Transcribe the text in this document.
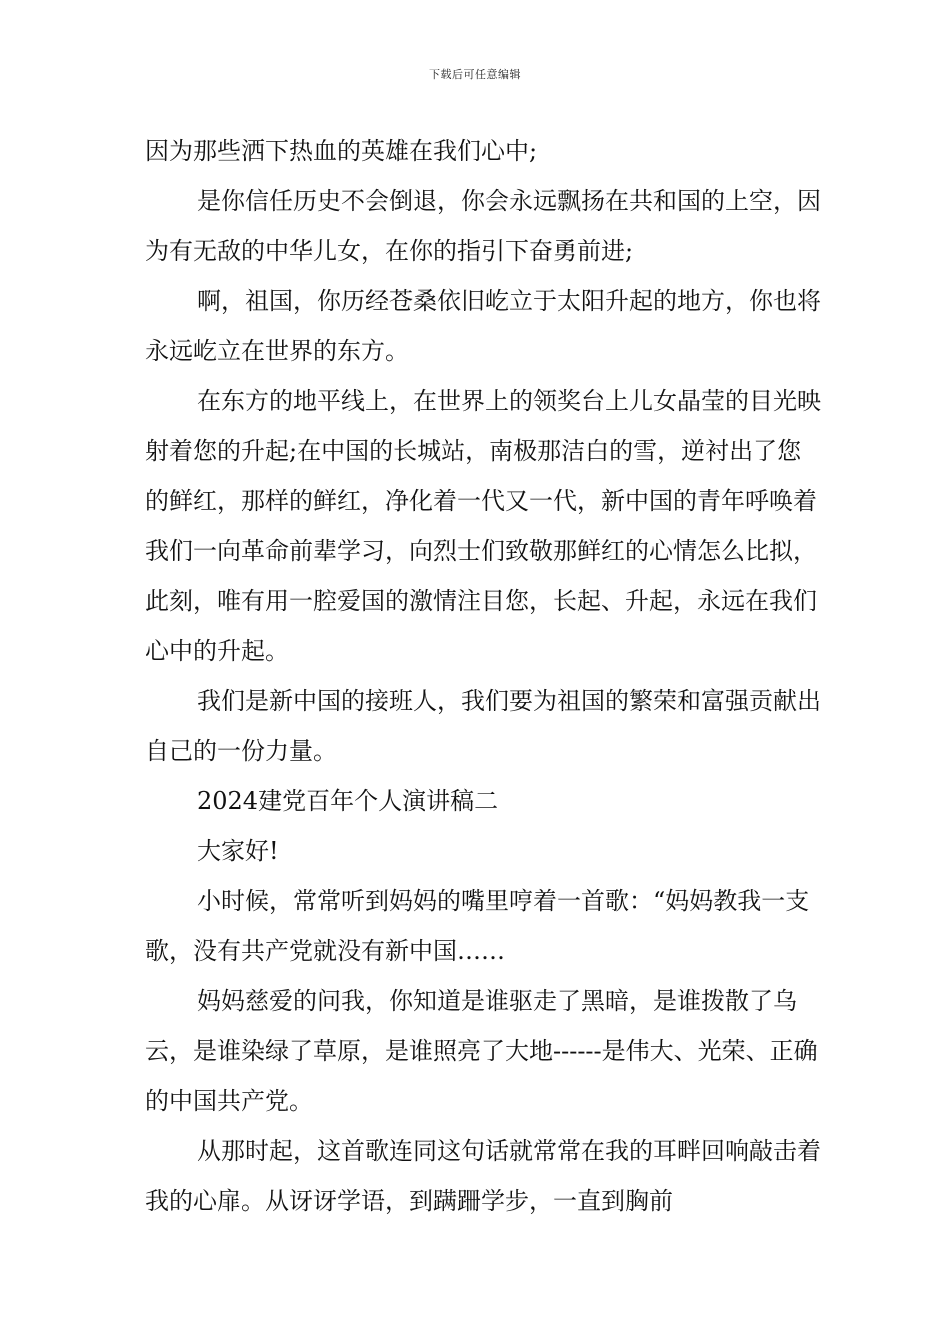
下载后可任意编辑

因为那些洒下热血的英雄在我们心中;

是你信任历史不会倒退，你会永远飘扬在共和国的上空，因为有无敌的中华儿女，在你的指引下奋勇前进;

啊，祖国，你历经苍桑依旧屹立于太阳升起的地方，你也将永远屹立在世界的东方。

在东方的地平线上，在世界上的领奖台上儿女晶莹的目光映射着您的升起;在中国的长城站，南极那洁白的雪，逆衬出了您的鲜红，那样的鲜红，净化着一代又一代，新中国的青年呼唤着我们一向革命前辈学习，向烈士们致敬那鲜红的心情怎么比拟，此刻，唯有用一腔爱国的激情注目您，长起、升起，永远在我们心中的升起。

我们是新中国的接班人，我们要为祖国的繁荣和富强贡献出自己的一份力量。

2024建党百年个人演讲稿二

大家好!

小时候，常常听到妈妈的嘴里哼着一首歌：“妈妈教我一支歌，没有共产党就没有新中国……

妈妈慈爱的问我，你知道是谁驱走了黑暗，是谁拨散了乌云，是谁染绿了草原，是谁照亮了大地------是伟大、光荣、正确的中国共产党。

从那时起，这首歌连同这句话就常常在我的耳畔回响敲击着我的心扉。从讶讶学语，到蹒跚学步，一直到胸前
